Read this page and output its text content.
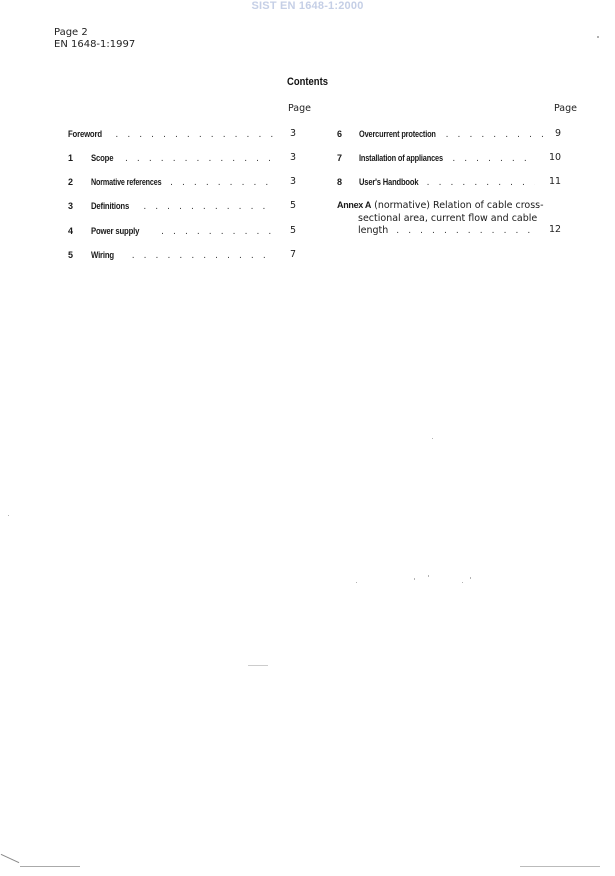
SIST EN 1648-1:2000
Page 2
EN 1648-1:1997
Contents
Page	Page
Foreword . . .	3
1 Scope . . .	3
2 Normative references . . .	3
3 Definitions . . .	5
4 Power supply . . .	5
5 Wiring . . .	7
6 Overcurrent protection . . .	9
7 Installation of appliances . . .	10
8 User's Handbook . . .	11
Annex A (normative) Relation of cable cross-
sectional area, current flow and cable
length . . .	12
